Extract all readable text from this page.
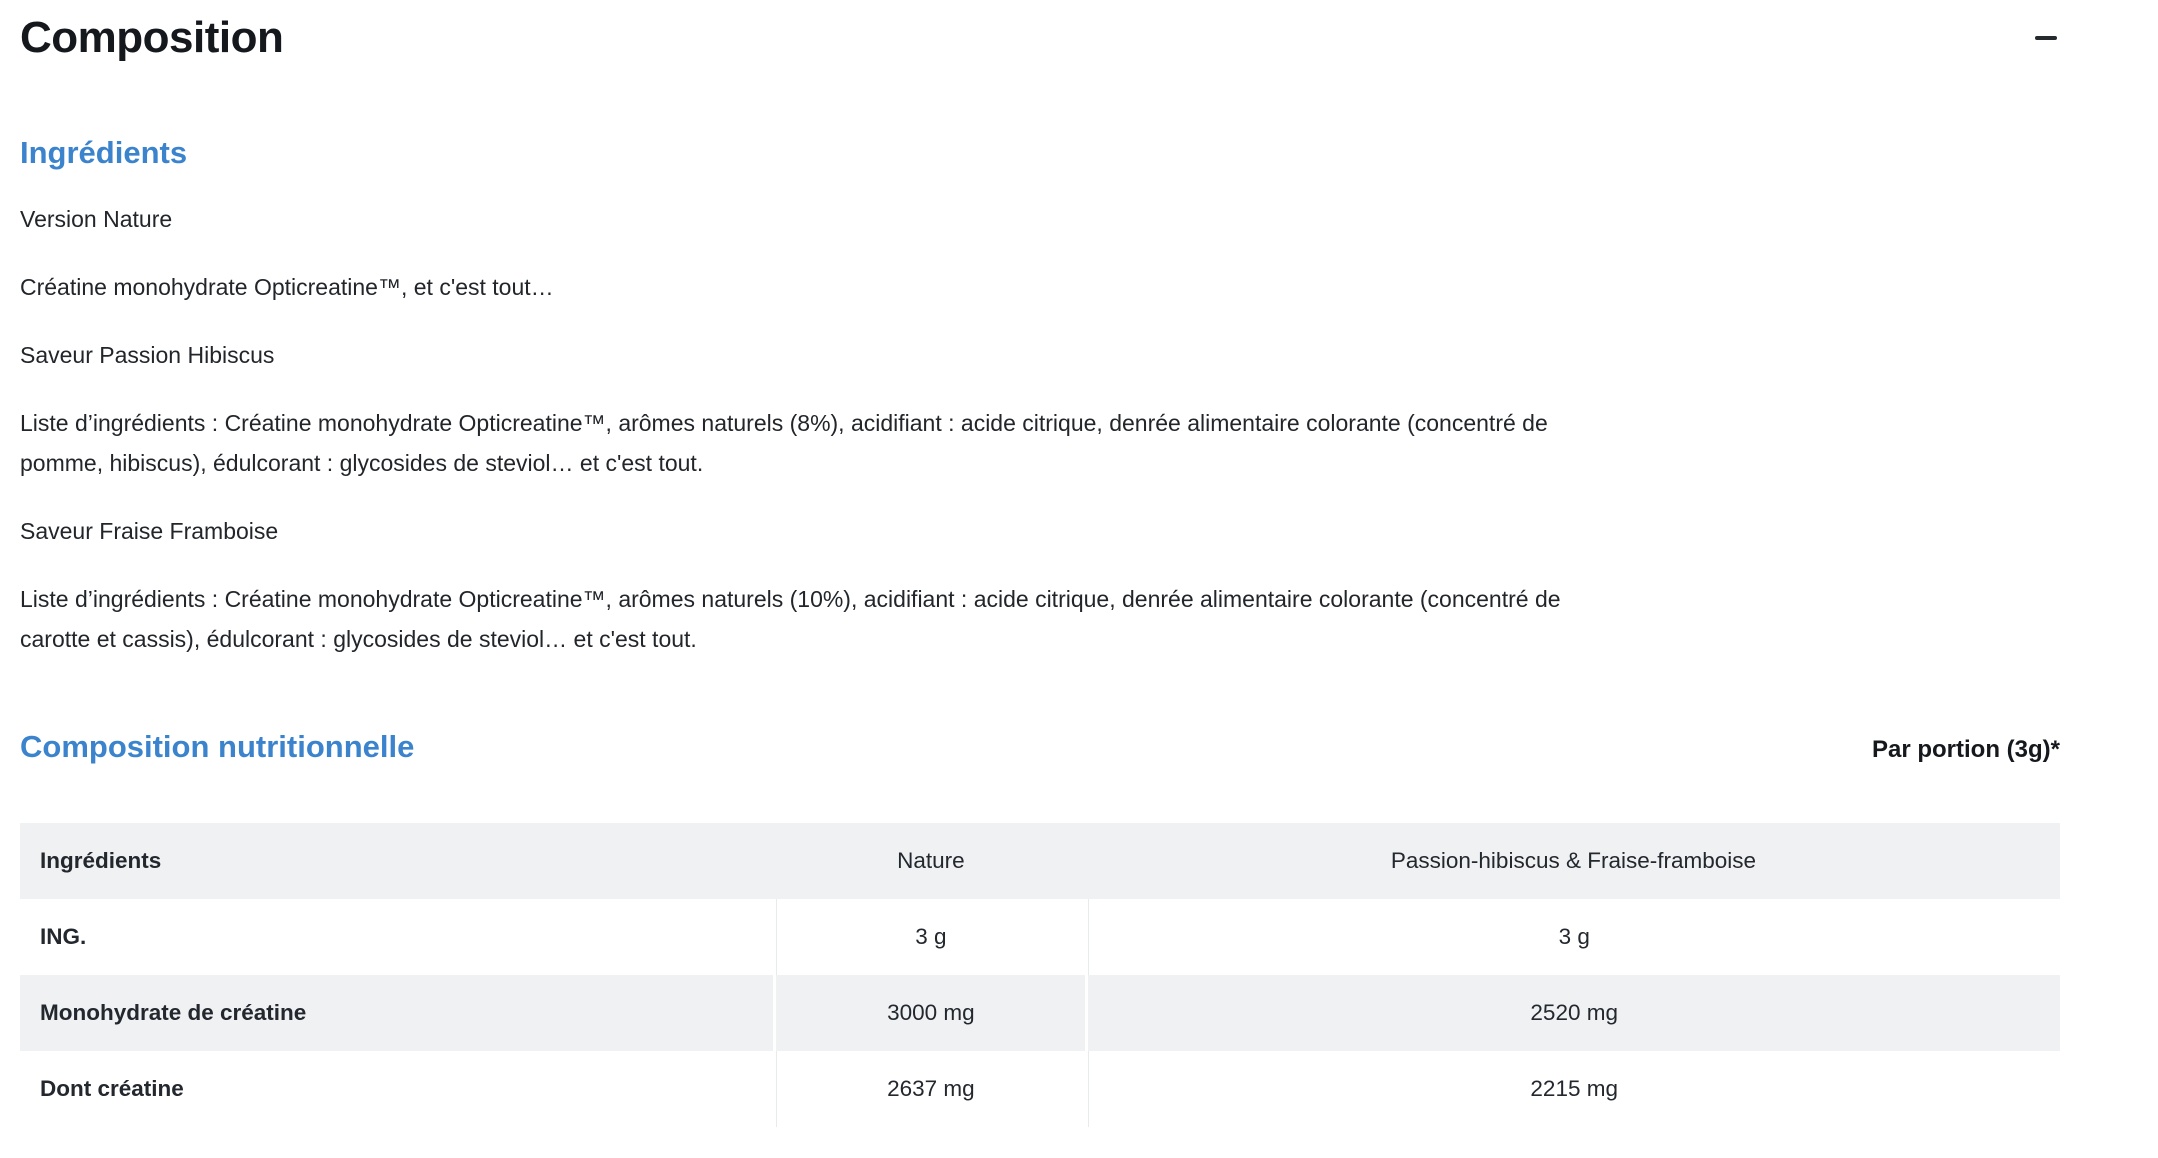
Composition
Ingrédients

Version Nature

Créatine monohydrate Opticreatine™, et c'est tout…

Saveur Passion Hibiscus

Liste d’ingrédients : Créatine monohydrate Opticreatine™, arômes naturels (8%), acidifiant : acide citrique, denrée alimentaire colorante (concentré de
pomme, hibiscus), édulcorant : glycosides de steviol… et c'est tout.

Saveur Fraise Framboise

Liste d’ingrédients : Créatine monohydrate Opticreatine™, arômes naturels (10%), acidifiant : acide citrique, denrée alimentaire colorante (concentré de
carotte et cassis), édulcorant : glycosides de steviol… et c'est tout.

Composition nutritionnelle	Par portion (3g)*
Ingrédients	Nature	Passion-hibiscus & Fraise-framboise
ING.	3 g	3 g
Monohydrate de créatine	3000 mg	2520 mg
Dont créatine	2637 mg	2215 mg
